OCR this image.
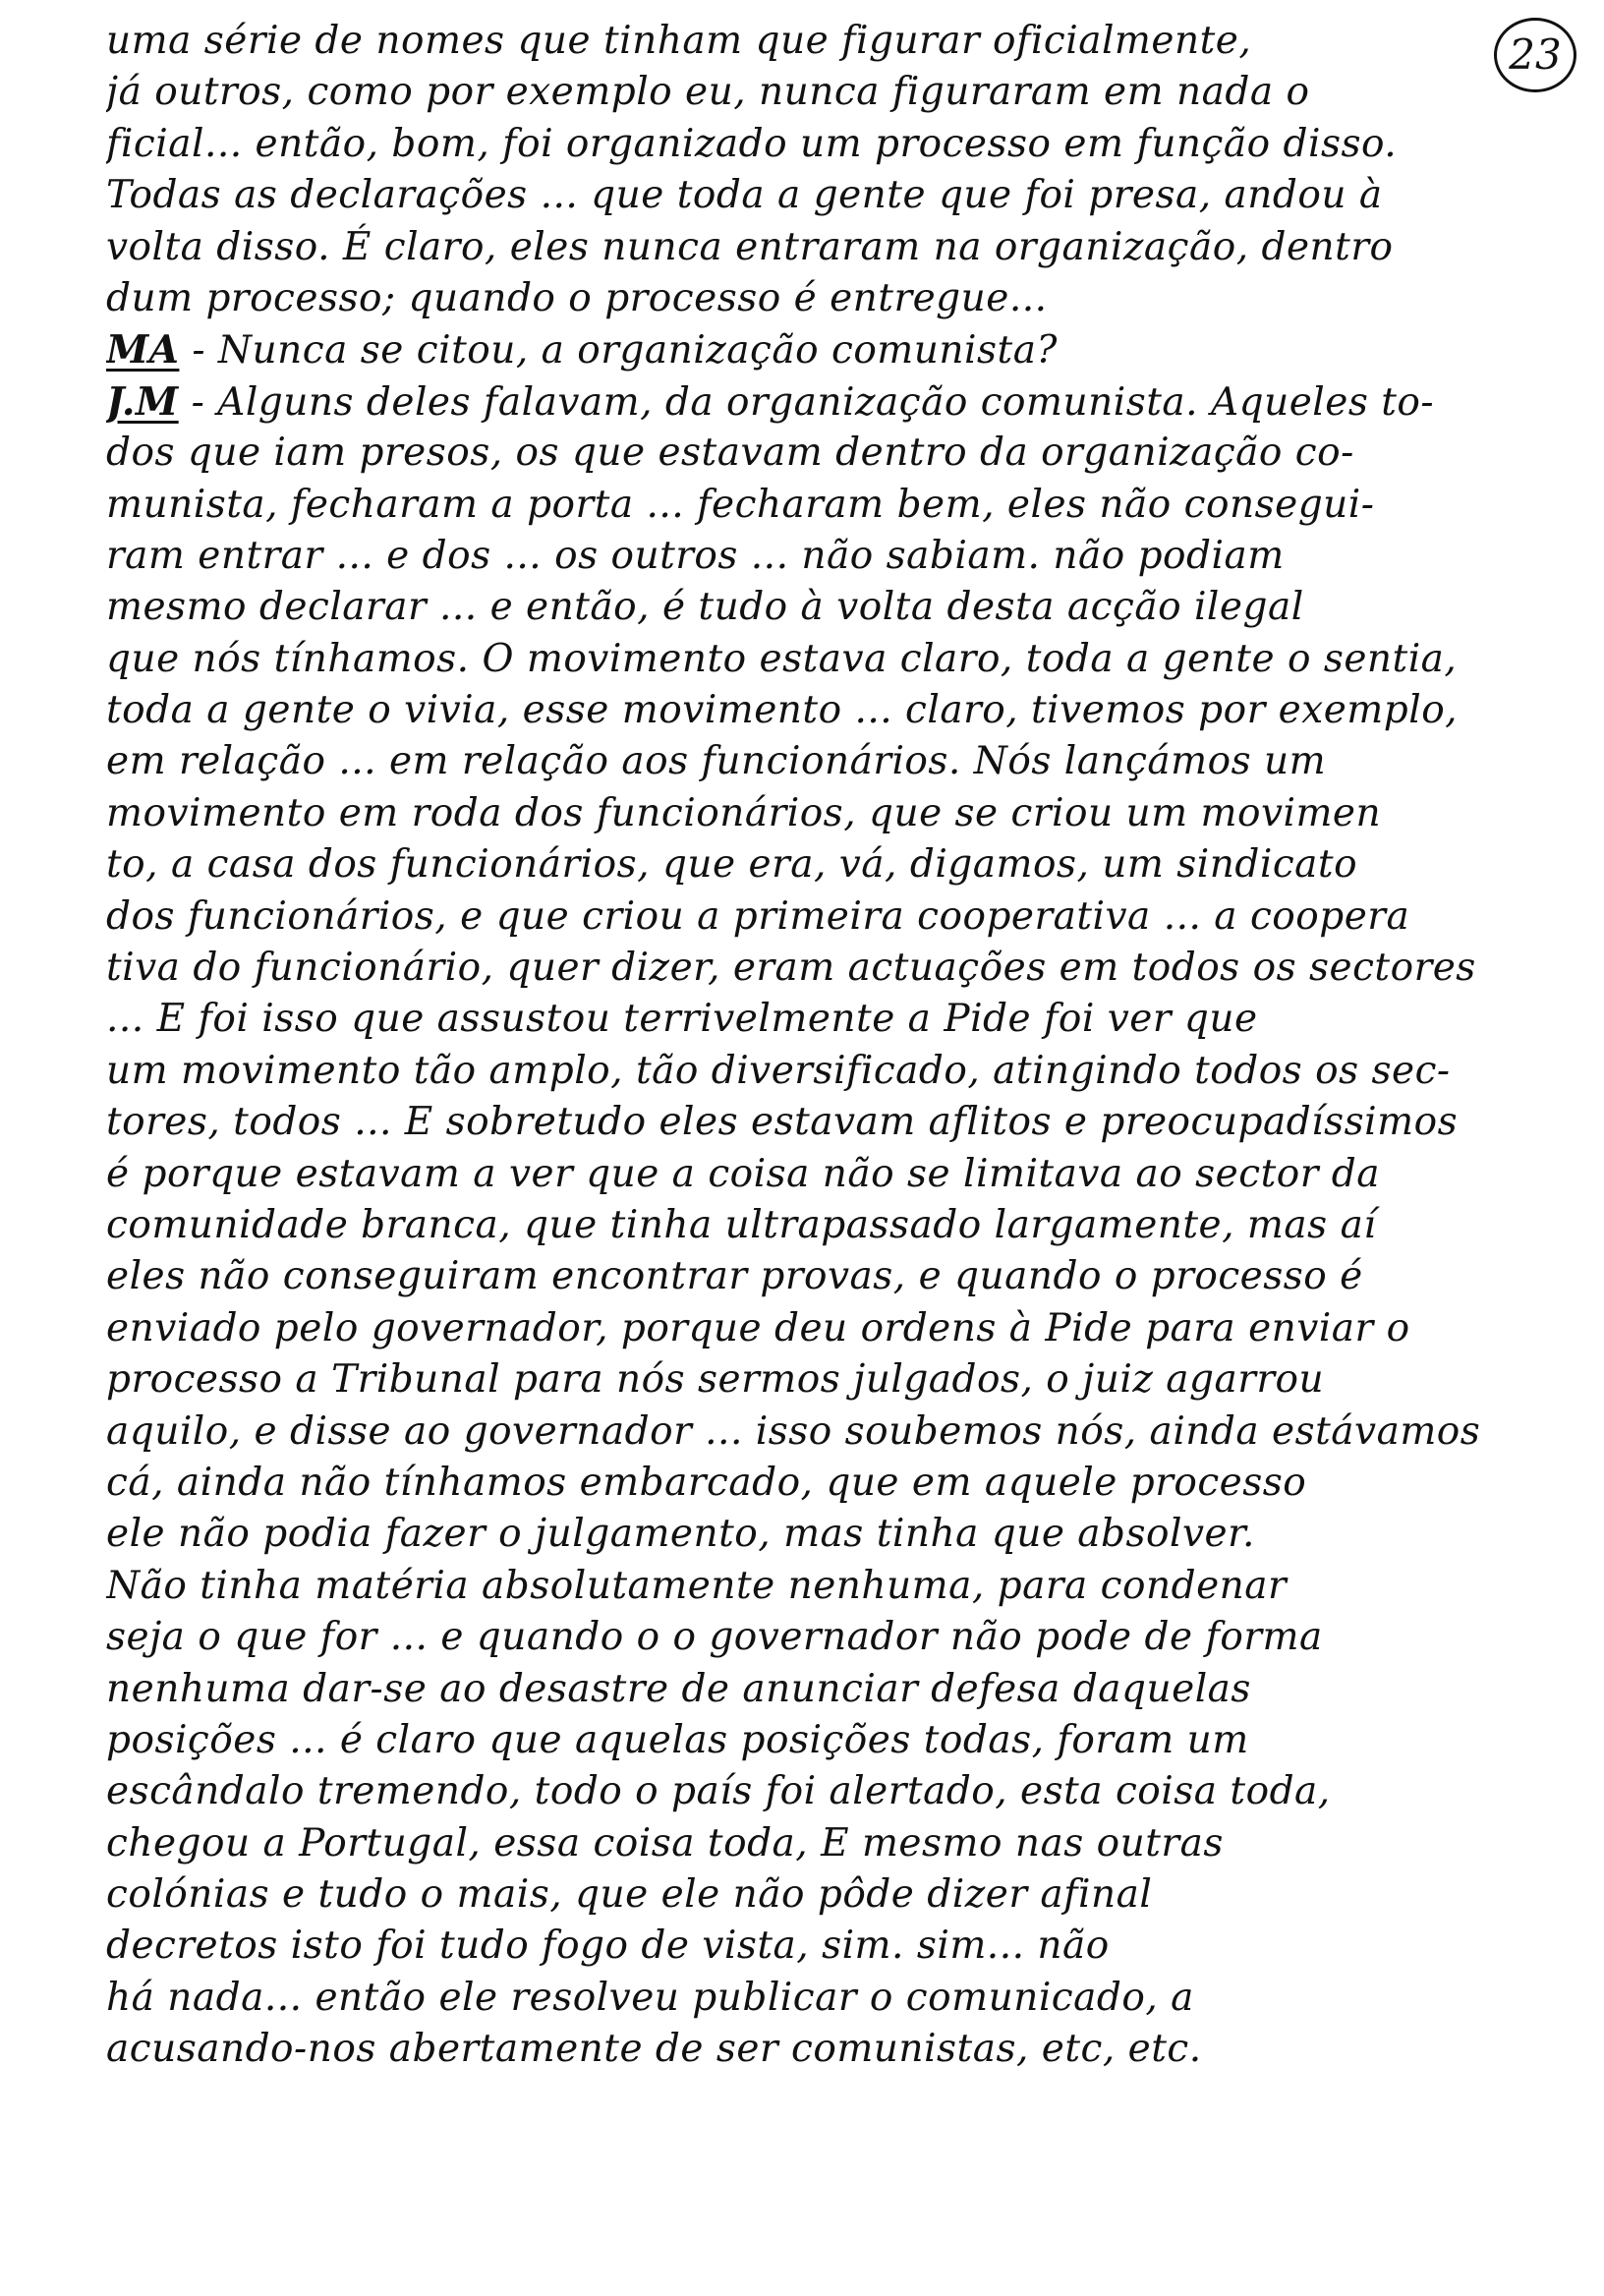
23
uma série de nomes que tinham que figurar oficialmente,
já outros, como por exemplo eu, nunca figuraram em nada o
ficial... então, bom, foi organizado um processo em função disso.
Todas as declarações ... que toda a gente que foi presa, andou à
volta disso. É claro, eles nunca entraram na organização, dentro
dum processo; quando o processo é entregue...
MA - Nunca se citou, a organização comunista?
J.M - Alguns deles falavam, da organização comunista. Aqueles to-
dos que iam presos, os que estavam dentro da organização co-
munista, fecharam a porta ... fecharam bem, eles não consegui-
ram entrar ... e dos ... os outros ... não sabiam. não podiam
mesmo declarar ... e então, é tudo à volta desta acção ilegal
que nós tínhamos. O movimento estava claro, toda a gente o sentia,
toda a gente o vivia, esse movimento ... claro, tivemos por exemplo,
em relação ... em relação aos funcionários. Nós lançámos um
movimento em roda dos funcionários, que se criou um movimen
to, a casa dos funcionários, que era, vá, digamos, um sindicato
dos funcionários, e que criou a primeira cooperativa ... a coopera
tiva do funcionário, quer dizer, eram actuações em todos os sectores
... E foi isso que assustou terrivelmente a Pide foi ver que
um movimento tão amplo, tão diversificado, atingindo todos os sec-
tores, todos ... E sobretudo eles estavam aflitos e preocupadíssimos
é porque estavam a ver que a coisa não se limitava ao sector da
comunidade branca, que tinha ultrapassado largamente, mas aí
eles não conseguiram encontrar provas, e quando o processo é
enviado pelo governador, porque deu ordens à Pide para enviar o
processo a Tribunal para nós sermos julgados, o juiz agarrou
aquilo, e disse ao governador ... isso soubemos nós, ainda estávamos
cá, ainda não tínhamos embarcado, que em aquele processo
ele não podia fazer o julgamento, mas tinha que absolver.
Não tinha matéria absolutamente nenhuma, para condenar
seja o que for ... e quando o o governador não pode de forma
nenhuma dar-se ao desastre de anunciar defesa daquelas
posições ... é claro que aquelas posições todas, foram um
escândalo tremendo, todo o país foi alertado, esta coisa toda,
chegou a Portugal, essa coisa toda, E mesmo nas outras
colónias e tudo o mais, que ele não pôde dizer afinal
decretos isto foi tudo fogo de vista, sim. sim... não
há nada... então ele resolveu publicar o comunicado, a
acusando-nos abertamente de ser comunistas, etc, etc.
